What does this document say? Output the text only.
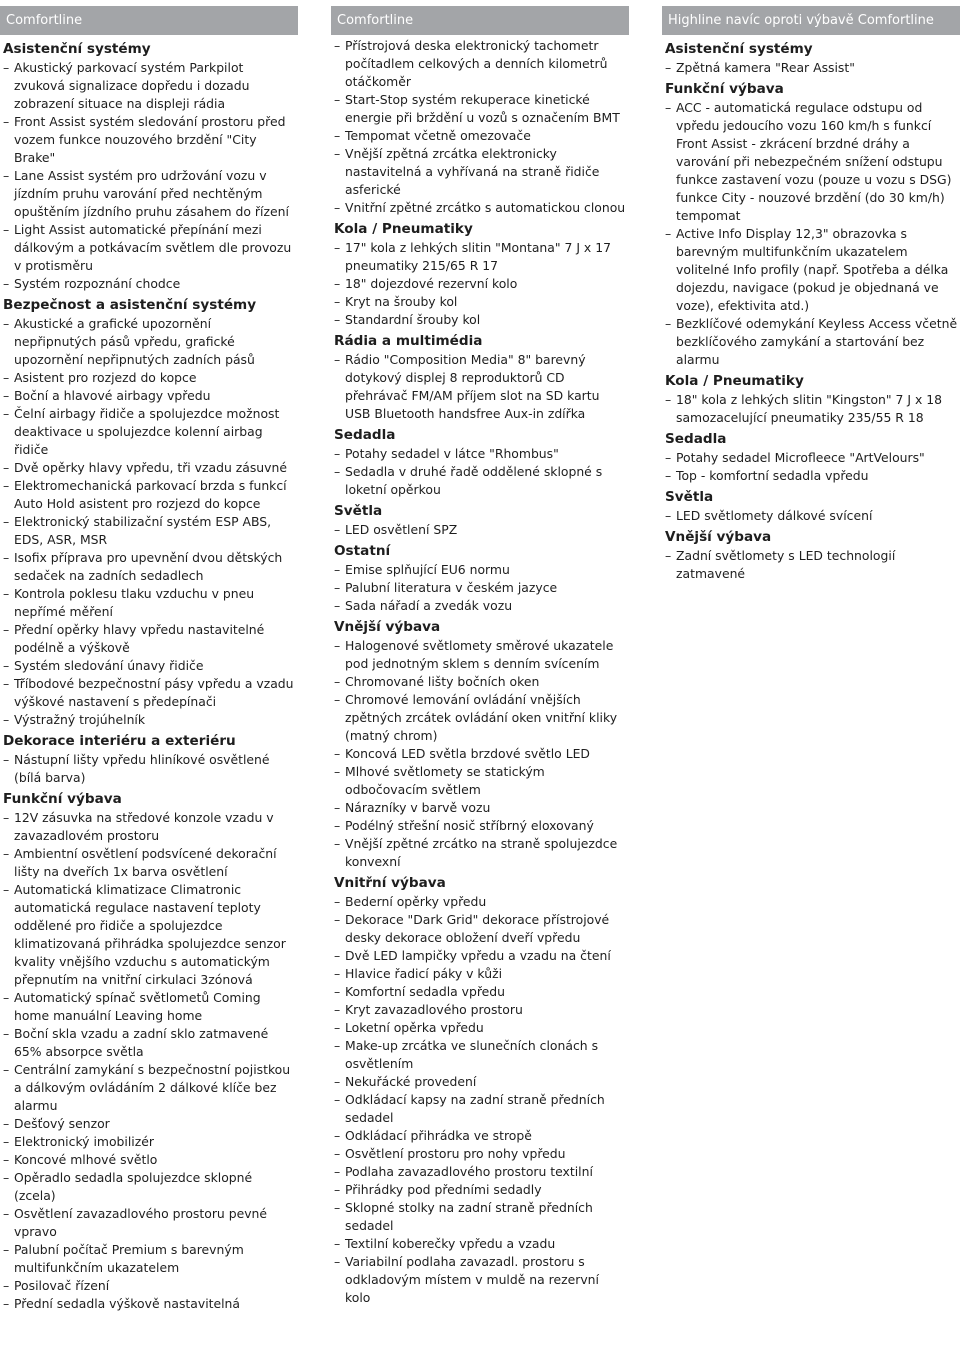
Comfortline
Asistenční systémy
– Akustický parkovací systém Parkpilot zvuková signalizace dopředu i dozadu zobrazení situace na displeji rádia
– Front Assist systém sledování prostoru před vozem funkce nouzového brzdění "City Brake"
– Lane Assist systém pro udržování vozu v jízdním pruhu varování před nechtěným opuštěním jízdního pruhu zásahem do řízení
– Light Assist automatické přepínání mezi dálkovým a potkávacím světlem dle provozu v protisměru
– Systém rozpoznání chodce
Bezpečnost a asistenční systémy
– Akustické a grafické upozornění nepřipnutých pásů vpředu, grafické upozornění nepřipnutých zadních pásů
– Asistent pro rozjezd do kopce
– Boční a hlavové airbagy vpředu
– Čelní airbagy řidiče a spolujezdce možnost deaktivace u spolujezdce kolenní airbag řidiče
– Dvě opěrky hlavy vpředu, tři vzadu zásuvné
– Elektromechanická parkovací brzda s funkcí Auto Hold asistent pro rozjezd do kopce
– Elektronický stabilizační systém ESP ABS, EDS, ASR, MSR
– Isofix příprava pro upevnění dvou dětských sedaček na zadních sedadlech
– Kontrola poklesu tlaku vzduchu v pneu nepřímé měření
– Přední opěrky hlavy vpředu nastavitelné podélně a výškově
– Systém sledování únavy řidiče
– Tříbodové bezpečnostní pásy vpředu a vzadu výškové nastavení s předepínači
– Výstražný trojúhelník
Dekorace interiéru a exteriéru
– Nástupní lišty vpředu hliníkové osvětlené (bílá barva)
Funkční výbava
– 12V zásuvka na středové konzole vzadu v zavazadlovém prostoru
– Ambientní osvětlení podsvícené dekorační lišty na dveřích 1x barva osvětlení
– Automatická klimatizace Climatronic automatická regulace nastavení teploty oddělené pro řidiče a spolujezdce klimatizovaná přihrádka spolujezdce senzor kvality vnějšího vzduchu s automatickým přepnutím na vnitřní cirkulaci 3zónová
– Automatický spínač světlometů Coming home manuální Leaving home
– Boční skla vzadu a zadní sklo zatmavené 65% absorpce světla
– Centrální zamykání s bezpečnostní pojistkou a dálkovým ovládáním 2 dálkové klíče bez alarmu
– Dešťový senzor
– Elektronický imobilizér
– Koncové mlhové světlo
– Opěradlo sedadla spolujezdce sklopné (zcela)
– Osvětlení zavazadlového prostoru pevné vpravo
– Palubní počítač Premium s barevným multifunkčním ukazatelem
– Posilovač řízení
– Přední sedadla výškově nastavitelná
Comfortline
– Přístrojová deska elektronický tachometr počítadlem celkových a denních kilometrů otáčkoměr
– Start-Stop systém rekuperace kinetické energie při brždění u vozů s označením BMT
– Tempomat včetně omezovače
– Vnější zpětná zrcátka elektronicky nastavitelná a vyhřívaná na straně řidiče asferické
– Vnitřní zpětné zrcátko s automatickou clonou
Kola / Pneumatiky
– 17" kola z lehkých slitin "Montana" 7 J x 17 pneumatiky 215/65 R 17
– 18" dojezdové rezervní kolo
– Kryt na šrouby kol
– Standardní šrouby kol
Rádia a multimédia
– Rádio "Composition Media" 8" barevný dotykový displej 8 reproduktorů CD přehrávač FM/AM příjem slot na SD kartu USB Bluetooth handsfree Aux-in zdířka
Sedadla
– Potahy sedadel v látce "Rhombus"
– Sedadla v druhé řadě oddělené sklopné s loketní opěrkou
Světla
– LED osvětlení SPZ
Ostatní
– Emise splňující EU6 normu
– Palubní literatura v českém jazyce
– Sada nářadí a zvedák vozu
Vnější výbava
– Halogenové světlomety směrové ukazatele pod jednotným sklem s denním svícením
– Chromované lišty bočních oken
– Chromové lemování ovládání vnějších zpětných zrcátek ovládání oken vnitřní kliky (matný chrom)
– Koncová LED světla brzdové světlo LED
– Mlhové světlomety se statickým odbočovacím světlem
– Nárazníky v barvě vozu
– Podélný střešní nosič stříbrný eloxovaný
– Vnější zpětné zrcátko na straně spolujezdce konvexní
Vnitřní výbava
– Bederní opěrky vpředu
– Dekorace "Dark Grid" dekorace přístrojové desky dekorace obložení dveří vpředu
– Dvě LED lampičky vpředu a vzadu na čtení
– Hlavice řadicí páky v kůži
– Komfortní sedadla vpředu
– Kryt zavazadlového prostoru
– Loketní opěrka vpředu
– Make-up zrcátka ve slunečních clonách s osvětlením
– Nekuřácké provedení
– Odkládací kapsy na zadní straně předních sedadel
– Odkládací přihrádka ve stropě
– Osvětlení prostoru pro nohy vpředu
– Podlaha zavazadlového prostoru textilní
– Přihrádky pod předními sedadly
– Sklopné stolky na zadní straně předních sedadel
– Textilní koberečky vpředu a vzadu
– Variabilní podlaha zavazadl. prostoru s odkladovým místem v muldě na rezervní kolo
Highline navíc oproti výbavě Comfortline
Asistenční systémy
– Zpětná kamera "Rear Assist"
Funkční výbava
– ACC - automatická regulace odstupu od vpředu jedoucího vozu 160 km/h s funkcí Front Assist - zkrácení brzdné dráhy a varování při nebezpečném snížení odstupu funkce zastavení vozu (pouze u vozu s DSG) funkce City - nouzové brzdění (do 30 km/h) tempomat
– Active Info Display 12,3" obrazovka s barevným multifunkčním ukazatelem volitelné Info profily (např. Spotřeba a délka dojezdu, navigace (pokud je objednaná ve voze), efektivita atd.)
– Bezklíčové odemykání Keyless Access včetně bezklíčového zamykání a startování bez alarmu
Kola / Pneumatiky
– 18" kola z lehkých slitin "Kingston" 7 J x 18 samozacelující pneumatiky 235/55 R 18
Sedadla
– Potahy sedadel Microfleece "ArtVelours"
– Top - komfortní sedadla vpředu
Světla
– LED světlomety dálkové svícení
Vnější výbava
– Zadní světlomety s LED technologií zatmavené
